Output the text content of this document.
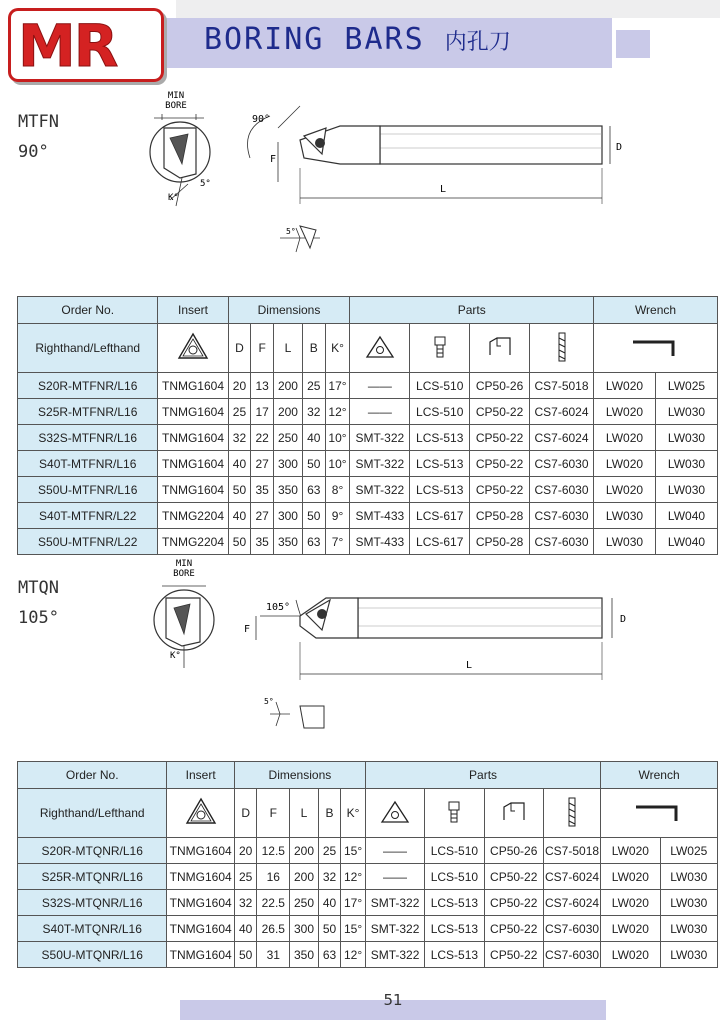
MR	BORING BARS 内孔刀
MTFN
90°
MIN
BORE
K°
5°
90°
F
D
L
5°
Order No.	Insert	Dimensions					Parts				Wrench	
Righthand/Lefthand		D	F	L	B	K°					
S20R-MTFNR/L16	TNMG1604	20	13	200	25	17°	——	LCS-510	CP50-26	CS7-5018	LW020	LW025
S25R-MTFNR/L16	TNMG1604	25	17	200	32	12°	——	LCS-510	CP50-22	CS7-6024	LW020	LW030
S32S-MTFNR/L16	TNMG1604	32	22	250	40	10°	SMT-322	LCS-513	CP50-22	CS7-6024	LW020	LW030
S40T-MTFNR/L16	TNMG1604	40	27	300	50	10°	SMT-322	LCS-513	CP50-22	CS7-6030	LW020	LW030
S50U-MTFNR/L16	TNMG1604	50	35	350	63	8°	SMT-322	LCS-513	CP50-22	CS7-6030	LW020	LW030
S40T-MTFNR/L22	TNMG2204	40	27	300	50	9°	SMT-433	LCS-617	CP50-28	CS7-6030	LW030	LW040
S50U-MTFNR/L22	TNMG2204	50	35	350	63	7°	SMT-433	LCS-617	CP50-28	CS7-6030	LW030	LW040
MTQN
105°
MIN
BORE
K°
105°
F
D
L
5°
Order No.	Insert	Dimensions					Parts				Wrench	
Righthand/Lefthand		D	F	L	B	K°					
S20R-MTQNR/L16	TNMG1604	20	12.5	200	25	15°	——	LCS-510	CP50-26	CS7-5018	LW020	LW025
S25R-MTQNR/L16	TNMG1604	25	16	200	32	12°	——	LCS-510	CP50-22	CS7-6024	LW020	LW030
S32S-MTQNR/L16	TNMG1604	32	22.5	250	40	17°	SMT-322	LCS-513	CP50-22	CS7-6024	LW020	LW030
S40T-MTQNR/L16	TNMG1604	40	26.5	300	50	15°	SMT-322	LCS-513	CP50-22	CS7-6030	LW020	LW030
S50U-MTQNR/L16	TNMG1604	50	31	350	63	12°	SMT-322	LCS-513	CP50-22	CS7-6030	LW020	LW030
51
